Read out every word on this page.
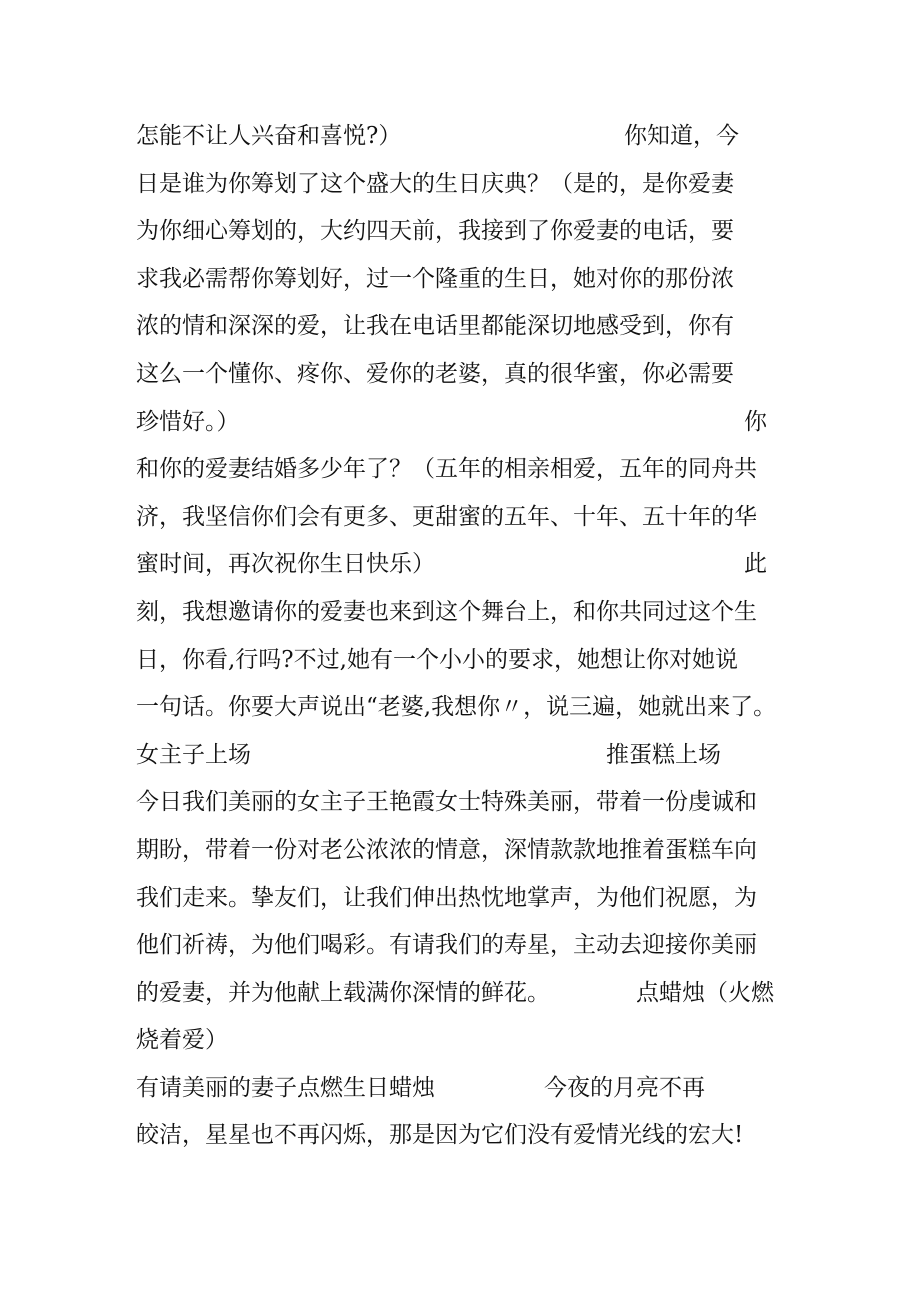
怎能不让人兴奋和喜悦?）	你知道，今
日是谁为你筹划了这个盛大的生日庆典？（是的，是你爱妻
为你细心筹划的，大约四天前，我接到了你爱妻的电话，要
求我必需帮你筹划好，过一个隆重的生日，她对你的那份浓
浓的情和深深的爱，让我在电话里都能深切地感受到，你有
这么一个懂你、疼你、爱你的老婆，真的很华蜜，你必需要
珍惜好。）	你
和你的爱妻结婚多少年了？（五年的相亲相爱，五年的同舟共
济，我坚信你们会有更多、更甜蜜的五年、十年、五十年的华
蜜时间，再次祝你生日快乐）	此
刻，我想邀请你的爱妻也来到这个舞台上，和你共同过这个生
日，你看,行吗?不过,她有一个小小的要求，她想让你对她说
一句话。你要大声说出“老婆,我想你〃，说三遍，她就出来了。
女主子上场	推蛋糕上场
今日我们美丽的女主子王艳霞女士特殊美丽，带着一份虔诚和
期盼，带着一份对老公浓浓的情意，深情款款地推着蛋糕车向
我们走来。挚友们，让我们伸出热忱地掌声，为他们祝愿，为
他们祈祷，为他们喝彩。有请我们的寿星，主动去迎接你美丽
的爱妻，并为他献上载满你深情的鲜花。	点蜡烛（火燃
烧着爱）
有请美丽的妻子点燃生日蜡烛	今夜的月亮不再
皎洁，星星也不再闪烁，那是因为它们没有爱情光线的宏大!
